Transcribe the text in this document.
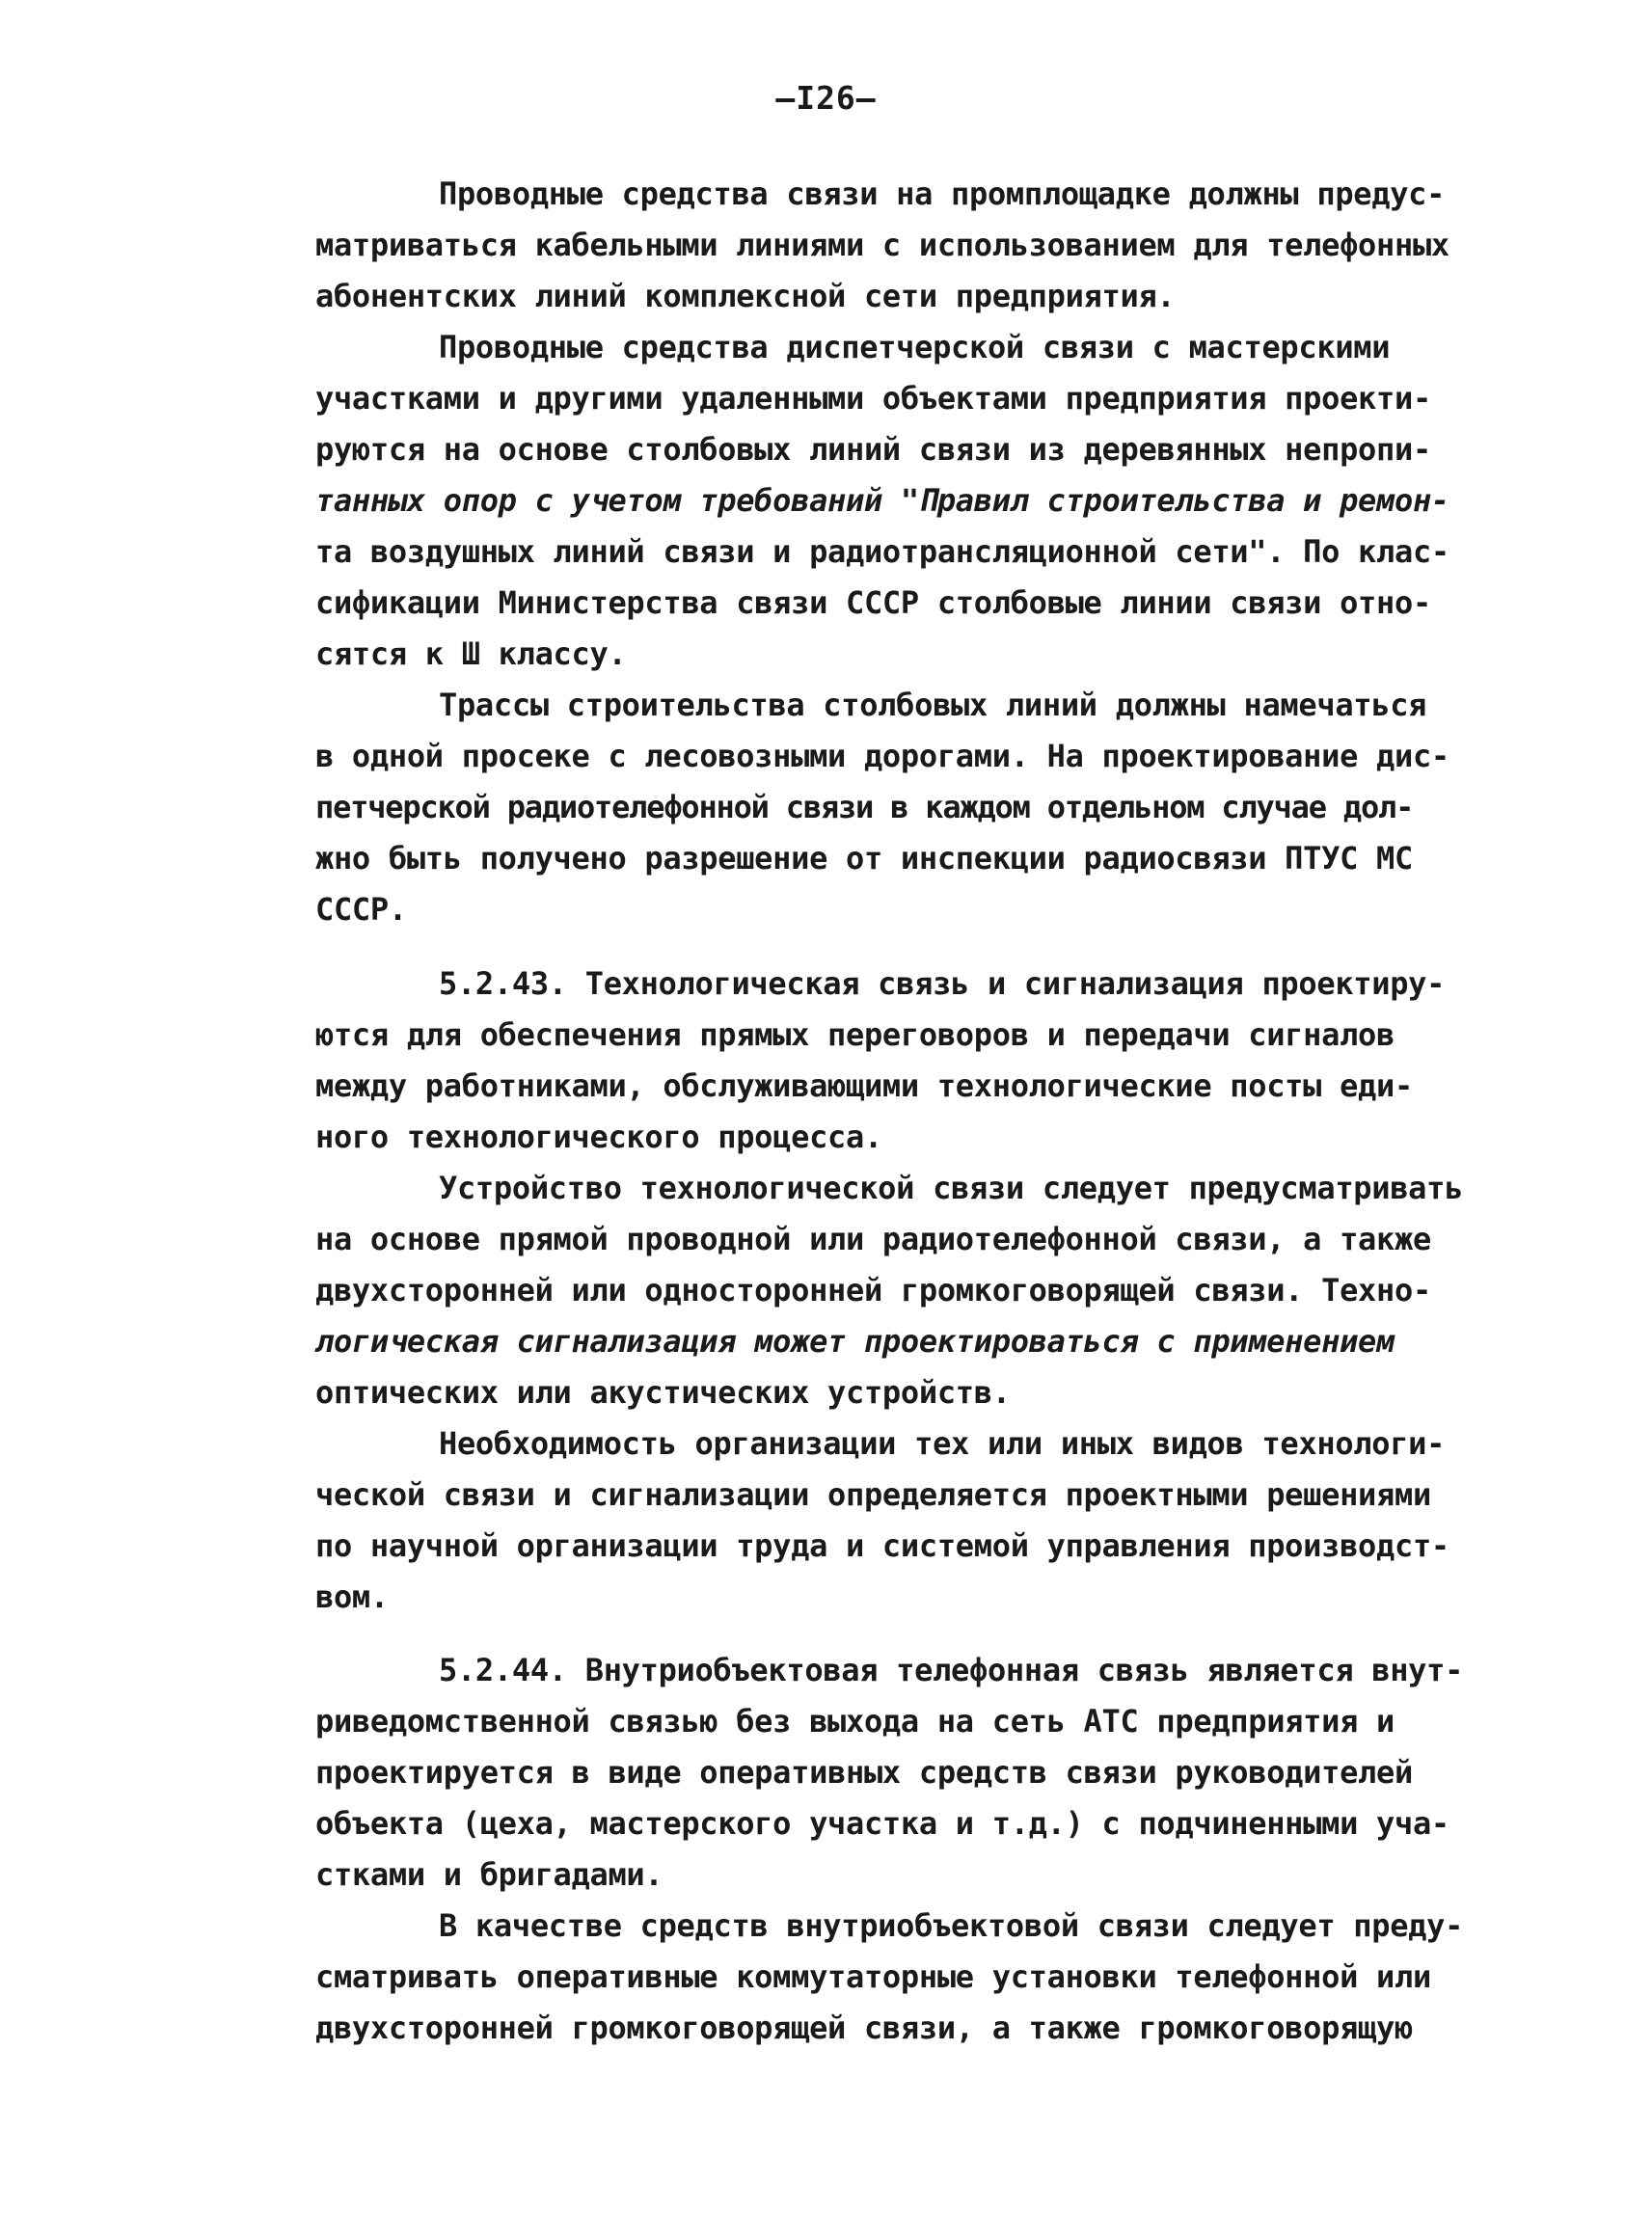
—I26—
Проводные средства связи на промплощадке должны предус-
матриваться кабельными линиями с использованием для телефонных
абонентских линий комплексной сети предприятия.
Проводные средства диспетчерской связи с мастерскими
участками и другими удаленными объектами предприятия проекти-
руются на основе столбовых линий связи из деревянных непропи-
танных опор с учетом требований "Правил строительства и ремон-
та воздушных линий связи и радиотрансляционной сети". По клас-
сификации Министерства связи СССР столбовые линии связи отно-
сятся к Ш классу.
Трассы строительства столбовых линий должны намечаться
в одной просеке с лесовозными дорогами. На проектирование дис-
петчерской радиотелефонной связи в каждом отдельном случае дол-
жно быть получено разрешение от инспекции радиосвязи ПТУС МС
СССР.
5.2.43. Технологическая связь и сигнализация проектиру-
ются для обеспечения прямых переговоров и передачи сигналов
между работниками, обслуживающими технологические посты еди-
ного технологического процесса.
Устройство технологической связи следует предусматривать
на основе прямой проводной или радиотелефонной связи, а также
двухсторонней или односторонней громкоговорящей связи. Техно-
логическая сигнализация может проектироваться с применением
оптических или акустических устройств.
Необходимость организации тех или иных видов технологи-
ческой связи и сигнализации определяется проектными решениями
по научной организации труда и системой управления производст-
вом.
5.2.44. Внутриобъектовая телефонная связь является внут-
риведомственной связью без выхода на сеть АТС предприятия и
проектируется в виде оперативных средств связи руководителей
объекта (цеха, мастерского участка и т.д.) с подчиненными уча-
стками и бригадами.
В качестве средств внутриобъектовой связи следует преду-
сматривать оперативные коммутаторные установки телефонной или
двухсторонней громкоговорящей связи, а также громкоговорящую
